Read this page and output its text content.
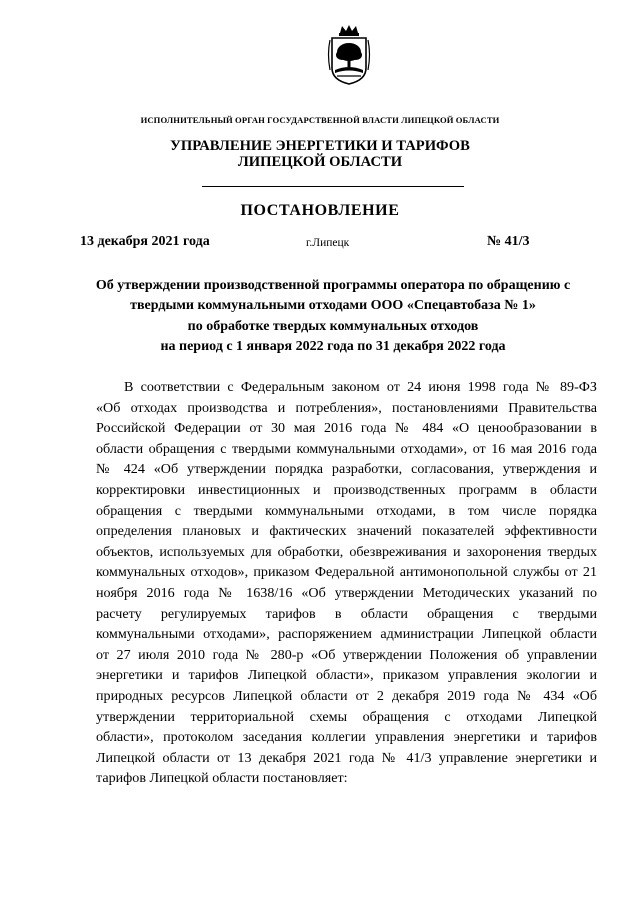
ИСПОЛНИТЕЛЬНЫЙ ОРГАН ГОСУДАРСТВЕННОЙ ВЛАСТИ ЛИПЕЦКОЙ ОБЛАСТИ
УПРАВЛЕНИЕ ЭНЕРГЕТИКИ И ТАРИФОВ
ЛИПЕЦКОЙ ОБЛАСТИ
ПОСТАНОВЛЕНИЕ
13 декабря 2021 года	г.Липецк	№ 41/3
Об утверждении производственной программы оператора по обращению с
твердыми коммунальными отходами ООО «Спецавтобаза № 1»
по обработке твердых коммунальных отходов
на период с 1 января 2022 года по 31 декабря 2022 года
В соответствии с Федеральным законом от 24 июня 1998 года № 89-ФЗ
«Об отходах производства и потребления», постановлениями Правительства
Российской Федерации от 30 мая 2016 года № 484 «О ценообразовании в
области обращения с твердыми коммунальными отходами», от 16 мая 2016 года
№ 424 «Об утверждении порядка разработки, согласования, утверждения и
корректировки инвестиционных и производственных программ в области
обращения с твердыми коммунальными отходами, в том числе порядка
определения плановых и фактических значений показателей эффективности
объектов, используемых для обработки, обезвреживания и захоронения твердых
коммунальных отходов», приказом Федеральной антимонопольной службы от 21
ноября 2016 года № 1638/16 «Об утверждении Методических указаний по
расчету регулируемых тарифов в области обращения с твердыми
коммунальными отходами», распоряжением администрации Липецкой области
от 27 июля 2010 года № 280-р «Об утверждении Положения об управлении
энергетики и тарифов Липецкой области», приказом управления экологии и
природных ресурсов Липецкой области от 2 декабря 2019 года № 434 «Об
утверждении территориальной схемы обращения с отходами Липецкой
области», протоколом заседания коллегии управления энергетики и тарифов
Липецкой области от 13 декабря 2021 года № 41/3 управление энергетики и
тарифов Липецкой области постановляет:
